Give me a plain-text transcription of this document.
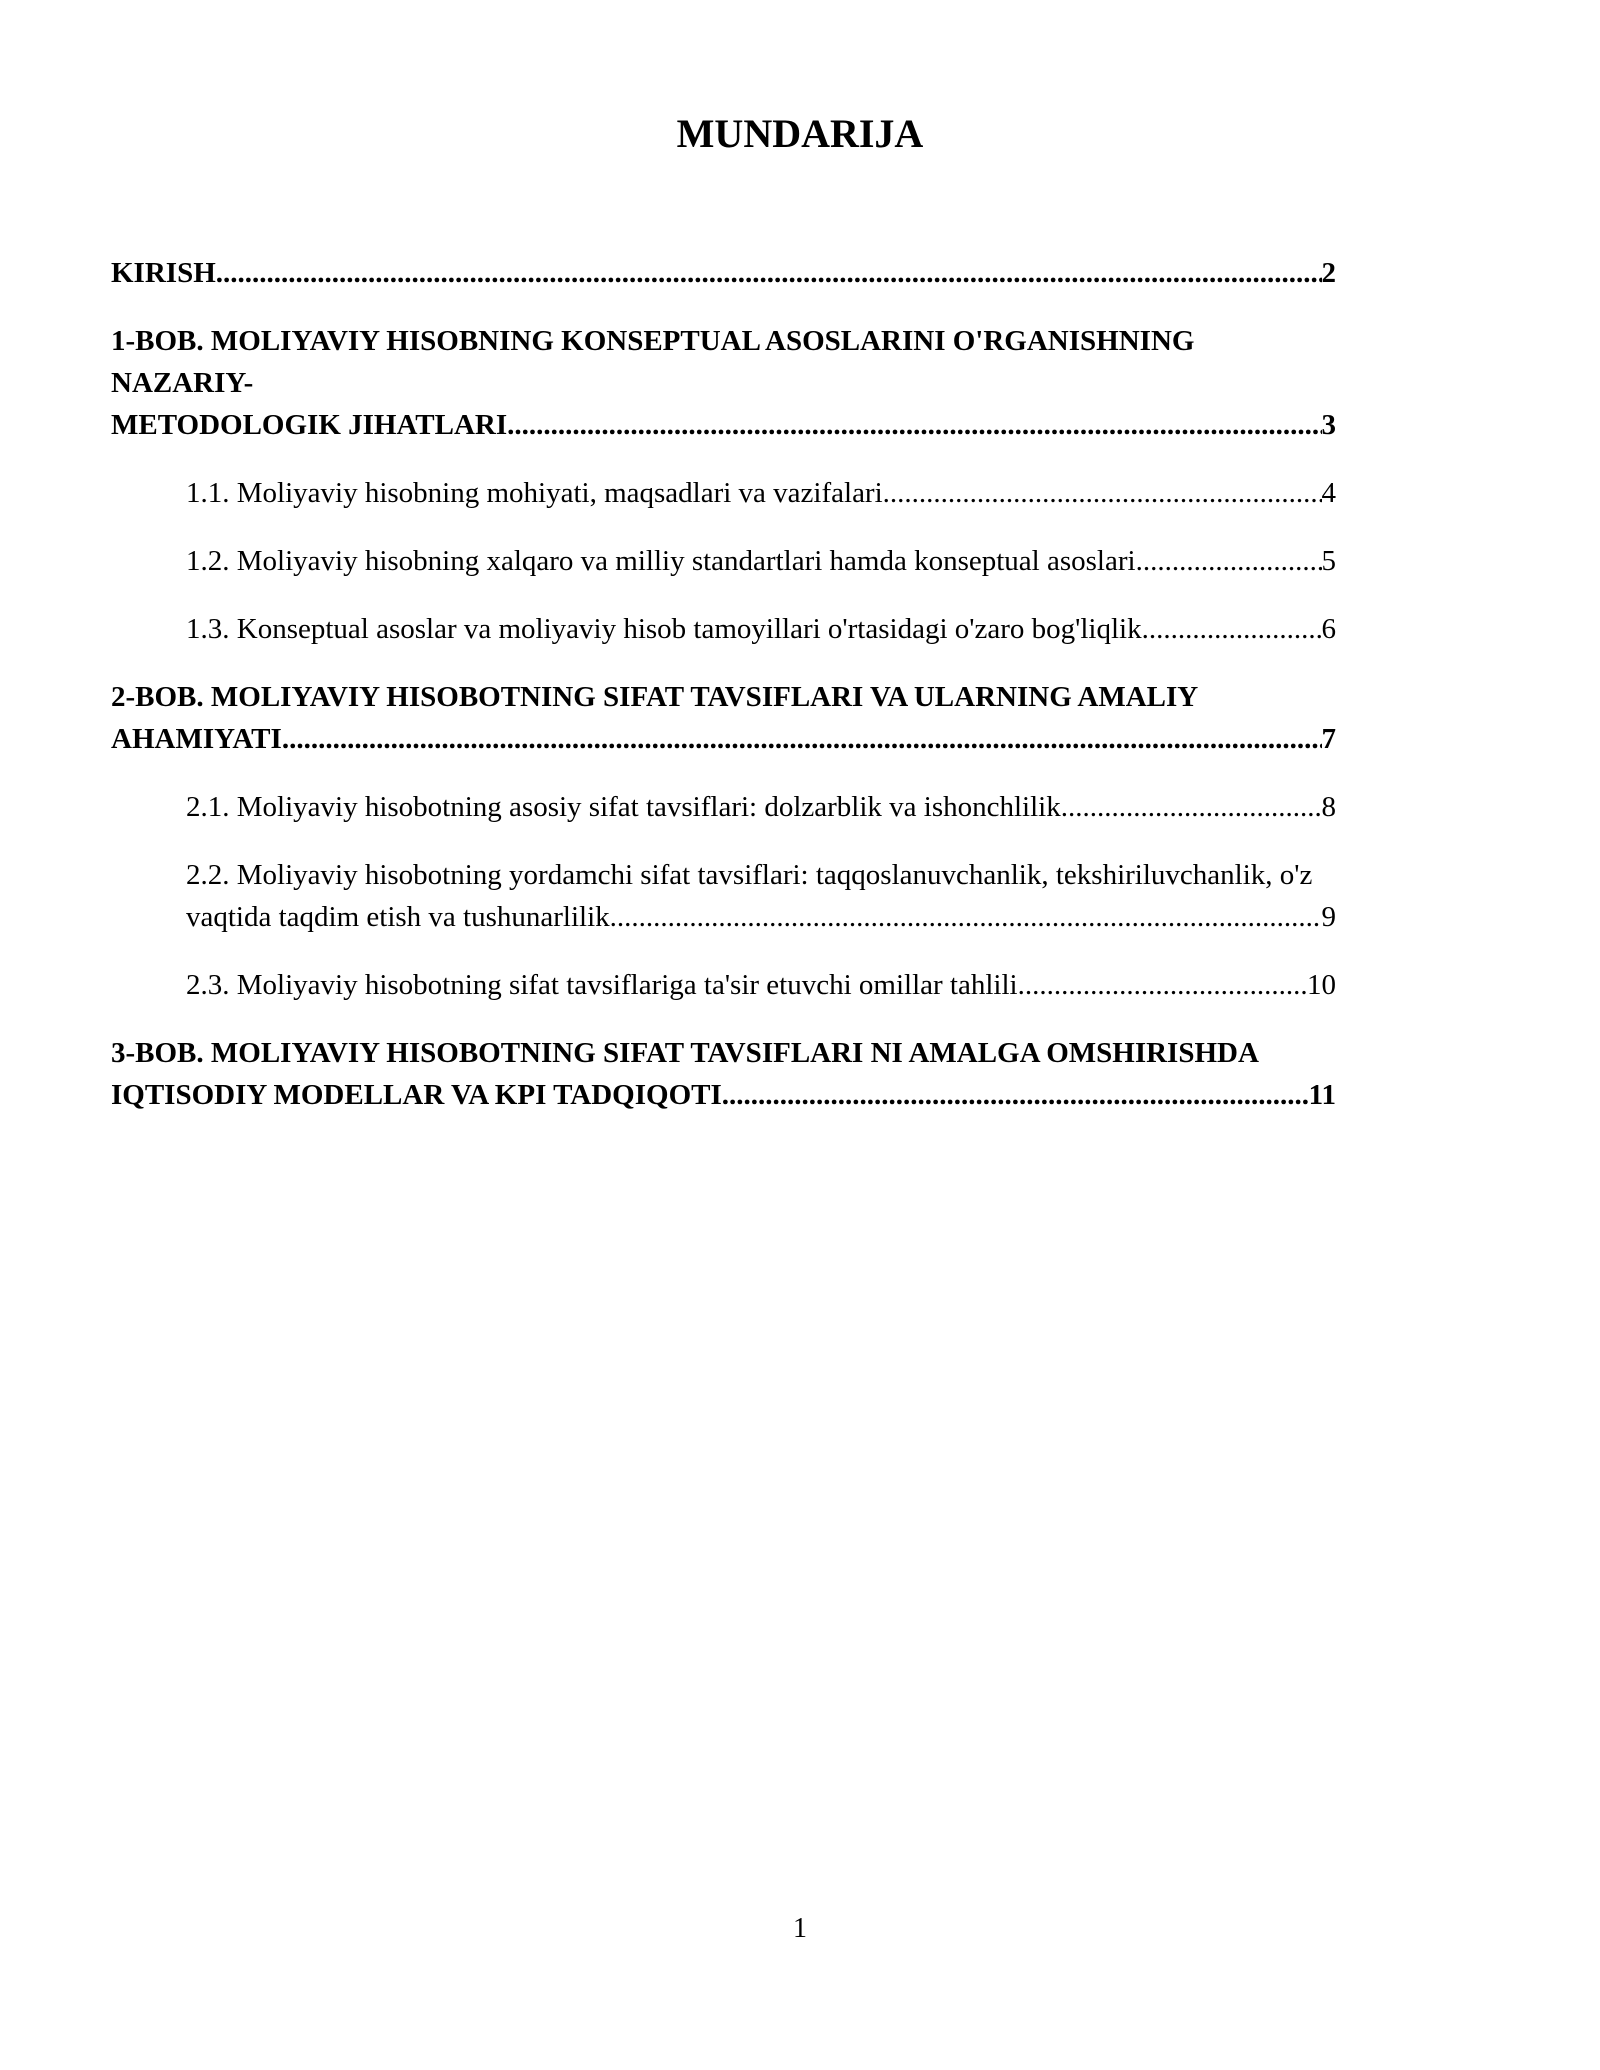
MUNDARIJA
KIRISH .....	2
1-BOB. MOLIYAVIY HISOBNING KONSEPTUAL ASOSLARINI O'RGANISHNING NAZARIY-
METODOLOGIK JIHATLARI .....	3
1.1. Moliyaviy hisobning mohiyati, maqsadlari va vazifalari .....	4
1.2. Moliyaviy hisobning xalqaro va milliy standartlari hamda konseptual asoslari .....	5
1.3. Konseptual asoslar va moliyaviy hisob tamoyillari o'rtasidagi o'zaro bog'liqlik .....	6
2-BOB. MOLIYAVIY HISOBOTNING SIFAT TAVSIFLARI VA ULARNING AMALIY
AHAMIYATI .....	7
2.1. Moliyaviy hisobotning asosiy sifat tavsiflari: dolzarblik va ishonchlilik .....	8
2.2. Moliyaviy hisobotning yordamchi sifat tavsiflari: taqqoslanuvchanlik, tekshiriluvchanlik, o'z
vaqtida taqdim etish va tushunarlilik .....	9
2.3. Moliyaviy hisobotning sifat tavsiflariga ta'sir etuvchi omillar tahlili .....	10
3-BOB. MOLIYAVIY HISOBOTNING SIFAT TAVSIFLARI NI AMALGA OMSHIRISHDA
IQTISODIY MODELLAR VA KPI TADQIQOTI .....	11
1
